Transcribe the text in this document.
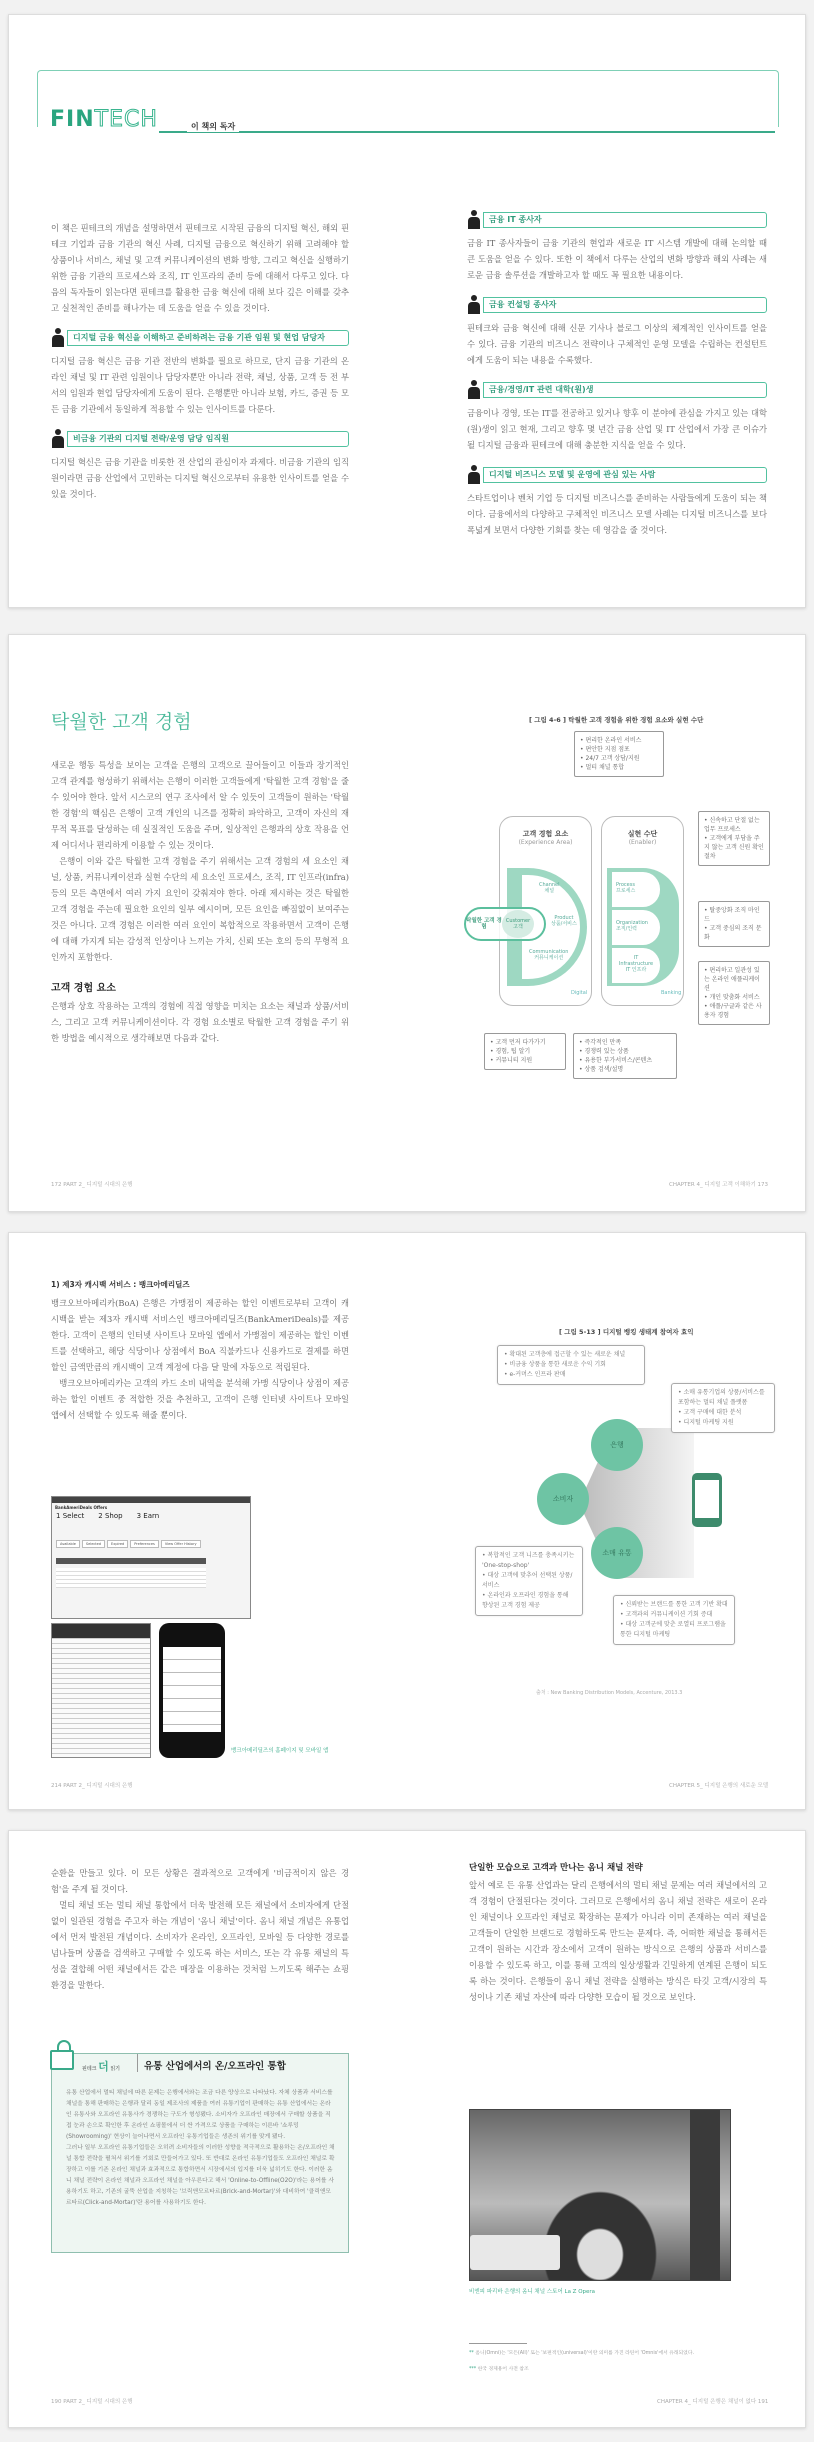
FINTECH	이 책의 독자
이 책은 핀테크의 개념을 설명하면서 핀테크로 시작된 금융의 디지털 혁신, 해외 핀테크 기업과 금융 기관의 혁신 사례, 디지털 금융으로 혁신하기 위해 고려해야 할 상품이나 서비스, 채널 및 고객 커뮤니케이션의 변화 방향, 그리고 혁신을 실행하기 위한 금융 기관의 프로세스와 조직, IT 인프라의 준비 등에 대해서 다루고 있다. 다음의 독자들이 읽는다면 핀테크를 활용한 금융 혁신에 대해 보다 깊은 이해를 갖추고 실천적인 준비를 해나가는 데 도움을 얻을 수 있을 것이다.
디지털 금융 혁신을 이해하고 준비하려는 금융 기관 임원 및 현업 담당자
디지털 금융 혁신은 금융 기관 전반의 변화를 필요로 하므로, 단지 금융 기관의 온라인 채널 및 IT 관련 임원이나 담당자뿐만 아니라 전략, 채널, 상품, 고객 등 전 부서의 임원과 현업 담당자에게 도움이 된다. 은행뿐만 아니라 보험, 카드, 증권 등 모든 금융 기관에서 동일하게 적용할 수 있는 인사이트를 다룬다.
비금융 기관의 디지털 전략/운영 담당 임직원
디지털 혁신은 금융 기관을 비롯한 전 산업의 관심이자 과제다. 비금융 기관의 임직원이라면 금융 산업에서 고민하는 디지털 혁신으로부터 유용한 인사이트를 얻을 수 있을 것이다.
금융 IT 종사자
금융 IT 종사자들이 금융 기관의 현업과 새로운 IT 시스템 개발에 대해 논의할 때 큰 도움을 얻을 수 있다. 또한 이 책에서 다루는 산업의 변화 방향과 해외 사례는 새로운 금융 솔루션을 개발하고자 할 때도 꼭 필요한 내용이다.
금융 컨설팅 종사자
핀테크와 금융 혁신에 대해 신문 기사나 블로그 이상의 체계적인 인사이트를 얻을 수 있다. 금융 기관의 비즈니스 전략이나 구체적인 운영 모델을 수립하는 컨설턴트에게 도움이 되는 내용을 수록했다.
금융/경영/IT 관련 대학(원)생
금융이나 경영, 또는 IT를 전공하고 있거나 향후 이 분야에 관심을 가지고 있는 대학(원)생이 읽고 현재, 그리고 향후 몇 년간 금융 산업 및 IT 산업에서 가장 큰 이슈가 될 디지털 금융과 핀테크에 대해 충분한 지식을 얻을 수 있다.
디지털 비즈니스 모델 및 운영에 관심 있는 사람
스타트업이나 벤처 기업 등 디지털 비즈니스를 준비하는 사람들에게 도움이 되는 책이다. 금융에서의 다양하고 구체적인 비즈니스 모델 사례는 디지털 비즈니스를 보다 폭넓게 보면서 다양한 기회를 찾는 데 영감을 줄 것이다.
탁월한 고객 경험

새로운 행동 특성을 보이는 고객을 은행의 고객으로 끌어들이고 이들과 장기적인 고객 관계를 형성하기 위해서는 은행이 이러한 고객들에게 '탁월한 고객 경험'을 줄 수 있어야 한다. 앞서 시스코의 연구 조사에서 알 수 있듯이 고객들이 원하는 '탁월한 경험'의 핵심은 은행이 고객 개인의 니즈를 정확히 파악하고, 고객이 자신의 재무적 목표를 달성하는 데 실질적인 도움을 주며, 일상적인 은행과의 상호 작용을 언제 어디서나 편리하게 이용할 수 있는 것이다.

은행이 이와 같은 탁월한 고객 경험을 주기 위해서는 고객 경험의 세 요소인 채널, 상품, 커뮤니케이션과 실현 수단의 세 요소인 프로세스, 조직, IT 인프라(infra) 등의 모든 측면에서 여러 가지 요인이 갖춰져야 한다. 아래 제시하는 것은 탁월한 고객 경험을 주는데 필요한 요인의 일부 예시이며, 모든 요인을 빠짐없이 보여주는 것은 아니다. 고객 경험은 이러한 여러 요인이 복합적으로 작용하면서 고객이 은행에 대해 가지게 되는 감성적 인상이나 느끼는 가치, 신뢰 또는 호의 등의 무형적 요인까지 포함한다.

고객 경험 요소
은행과 상호 작용하는 고객의 경험에 직접 영향을 미치는 요소는 채널과 상품/서비스, 그리고 고객 커뮤니케이션이다. 각 경험 요소별로 탁월한 고객 경험을 주기 위한 방법을 예시적으로 생각해보면 다음과 같다.
172 PART 2_ 디지털 시대의 은행	CHAPTER 4_ 디지털 고객 이해하기 173
[ 그림 4-6 ] 탁월한 고객 경험을 위한 경험 요소와 실현 수단
• 편리한 온라인 서비스
• 편안한 지점 점포
• 24/7 고객 상담/지원
• 멀티 채널 통합
고객 경험 요소
(Experience Area)
Channel
채널
Product
상품/서비스
Communication
커뮤니케이션
Digital
탁월한 고객 경험
Customer
고객
실현 수단
(Enabler)
Process
프로세스
Organization
조직/인력
IT
Infrastructure
IT 인프라
Banking
• 신속하고 단절 없는 업무 프로세스
• 고객에게 부담을 주지 않는 고객 신원 확인 절차
• 탈중앙화 조직 마인드
• 고객 중심의 조직 문화
• 편리하고 일관성 있는 온라인 애플리케이션
• 개인 맞춤화 서비스
• 애플/구글과 같은 사용자 경험
• 고객 먼저 다가가기
• 경험, 팁 알기
• 커뮤니티 지원
• 즉각적인 만족
• 경쟁력 있는 상품
• 유용한 부가서비스/콘텐츠
• 상품 검색/설명
1) 제3자 캐시백 서비스 : 뱅크아메리딜즈

뱅크오브아메리카(BoA) 은행은 가맹점이 제공하는 할인 이벤트로부터 고객이 캐시백을 받는 제3자 캐시백 서비스인 뱅크아메리딜즈(BankAmeriDeals)를 제공한다. 고객이 은행의 인터넷 사이트나 모바일 앱에서 가맹점이 제공하는 할인 이벤트를 선택하고, 해당 식당이나 상점에서 BoA 직불카드나 신용카드로 결제를 하면 할인 금액만큼의 캐시백이 고객 계정에 다음 달 말에 자동으로 적립된다.

뱅크오브아메리카는 고객의 카드 소비 내역을 분석해 가맹 식당이나 상점이 제공하는 할인 이벤트 중 적합한 것을 추천하고, 고객이 은행 인터넷 사이트나 모바일 앱에서 선택할 수 있도록 해줄 뿐이다.

BankAmeriDeals Offers
1 Select 2 Shop 3 Earn
Available	Selected	Expired	Preferences	View Offer History
뱅크아메리딜즈의 홈페이지 및 모바일 앱
214 PART 2_ 디지털 시대의 은행	CHAPTER 5_ 디지털 은행의 새로운 모델
[ 그림 5-13 ] 디지털 뱅킹 생태계 참여자 효익
은행
소비자
소매 유통
• 확대된 고객층에 접근할 수 있는 새로운 채널
• 비금융 상품을 통한 새로운 수익 기회
• e-커머스 인프라 판매
• 소매 유통기업의 상품/서비스를 포함하는 멀티 채널 플랫폼
• 고객 구매에 대한 분석
• 디지털 마케팅 지원
• 복합적인 고객 니즈를 충족시키는 'One-stop-shop'
• 대상 고객에 맞추어 선택된 상품/서비스
• 온라인과 오프라인 경험을 통해 향상된 고객 경험 제공	• 신뢰받는 브랜드를 통한 고객 기반 확대
• 고객과의 커뮤니케이션 기회 증대
• 대상 고객군에 맞춘 로열티 프로그램을 통한 디지털 마케팅
출처 : New Banking Distribution Models, Accenture, 2013.3

순환을 만들고 있다. 이 모든 상황은 결과적으로 고객에게 '비금적이지 않은 경험'을 주게 될 것이다.

멀티 채널 또는 멀티 채널 통합에서 더욱 발전해 모든 채널에서 소비자에게 단절 없이 일관된 경험을 주고자 하는 개념이 '옴니 채널'이다. 옴니 채널 개념은 유통업에서 먼저 발전된 개념이다. 소비자가 온라인, 오프라인, 모바일 등 다양한 경로를 넘나들며 상품을 검색하고 구매할 수 있도록 하는 서비스, 또는 각 유통 채널의 특성을 결합해 어떤 채널에서든 같은 매장을 이용하는 것처럼 느끼도록 해주는 쇼핑 환경을 말한다.

핀테크 더 읽기	유통 산업에서의 온/오프라인 통합

유통 산업에서 멀티 채널에 따른 문제는 은행에서와는 조금 다른 양상으로 나타났다. 자체 상품과 서비스를 채널을 통해 판매하는 은행과 달리 동일 제조사의 제품을 여러 유통기업이 판매하는 유통 산업에서는 온라인 유통사와 오프라인 유통사가 경쟁하는 구도가 형성됐다. 소비자가 오프라인 매장에서 구매할 상품을 직접 눈과 손으로 확인한 후 온라인 쇼핑몰에서 더 싼 가격으로 상품을 구매하는 이른바 '쇼루밍(Showrooming)' 현상이 늘어나면서 오프라인 유통기업들은 생존의 위기를 맞게 됐다.

그러나 일부 오프라인 유통기업들은 오히려 소비자들의 이러한 성향을 적극적으로 활용하는 온/오프라인 채널 통합 전략을 펼쳐서 위기를 기회로 만들어가고 있다. 또 반대로 온라인 유통기업들도 오프라인 채널로 확장하고 이를 기존 온라인 채널과 효과적으로 통합하면서 시장에서의 입지를 더욱 넓히기도 한다. 이러한 옴니 채널 전략이 온라인 채널과 오프라인 채널을 아우른다고 해서 'Online-to-Offline(O2O)'라는 용어를 사용하기도 하고, 기존의 굴뚝 산업을 지칭하는 '브릭앤모르타르(Brick-and-Mortar)'와 대비하여 '클릭앤모르타르(Click-and-Mortar)'란 용어를 사용하기도 한다.

190 PART 2_ 디지털 시대의 은행
단일한 모습으로 고객과 만나는 옴니 채널 전략
앞서 예로 든 유통 산업과는 달리 은행에서의 멀티 채널 문제는 여러 채널에서의 고객 경험이 단절된다는 것이다. 그러므로 은행에서의 옴니 채널 전략은 새로이 온라인 채널이나 오프라인 채널로 확장하는 문제가 아니라 이미 존재하는 여러 채널을 고객들이 단일한 브랜드로 경험하도록 만드는 문제다. 즉, 어떠한 채널을 통해서든 고객이 원하는 시간과 장소에서 고객이 원하는 방식으로 은행의 상품과 서비스를 이용할 수 있도록 하고, 이를 통해 고객의 일상생활과 긴밀하게 연계된 은행이 되도록 하는 것이다. 은행들이 옴니 채널 전략을 실행하는 방식은 타깃 고객/시장의 특성이나 기존 채널 자산에 따라 다양한 모습이 될 것으로 보인다.
비엔피 파리바 은행의 옴니 채널 스토어 La Z Opera
** 옴니(Omni)는 '모든(All)' 또는 '보편적인(universal)'이란 의미를 가진 라틴어 'Omnis'에서 유래되었다.
*** 한국 경제용어 사전 참조
CHAPTER 4_ 디지털 은행은 채널이 없다 191
